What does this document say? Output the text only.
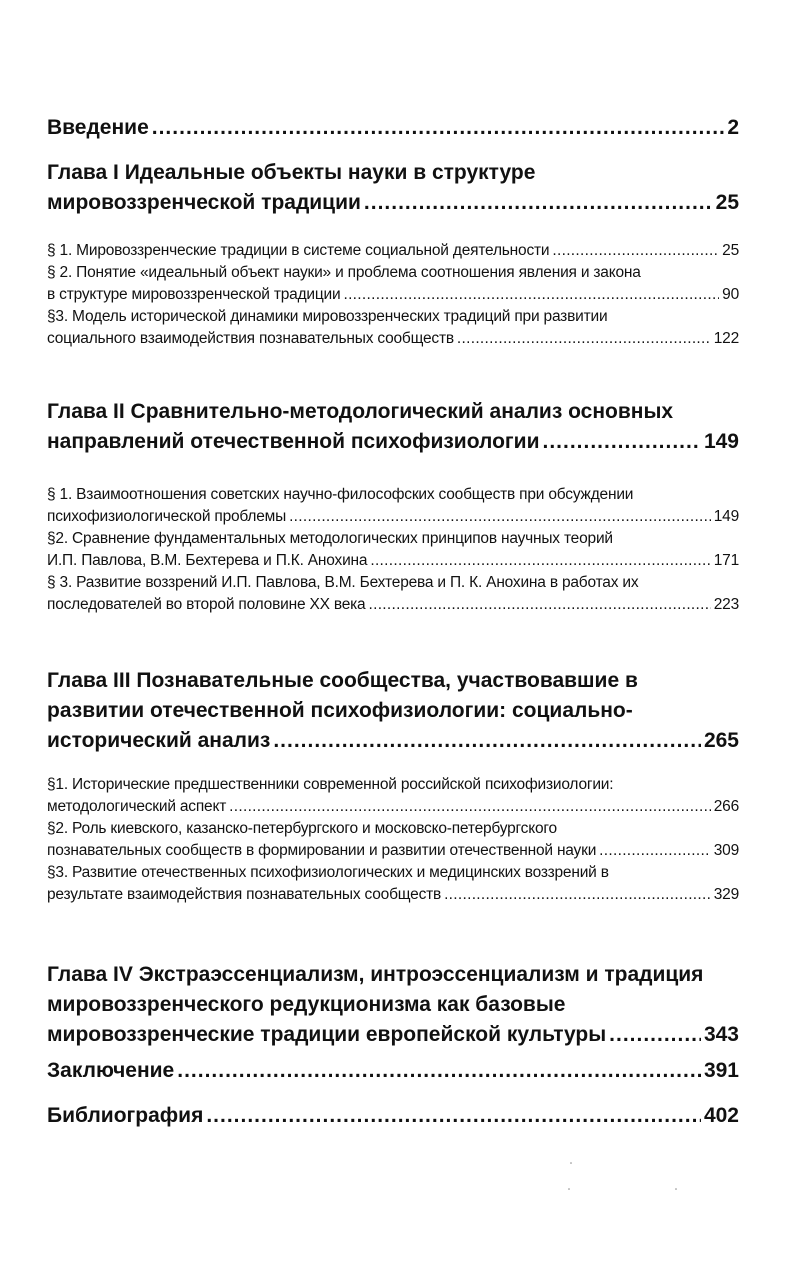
Введение .....	2
Глава I Идеальные объекты науки в структуре
мировоззренческой традиции .....	25
§ 1. Мировоззренческие традиции в системе социальной деятельности .....	25
§ 2. Понятие «идеальный объект науки» и проблема соотношения явления и закона
в структуре мировоззренческой традиции .....	90
§3. Модель исторической динамики мировоззренческих традиций при развитии
социального взаимодействия познавательных сообществ .....	122
Глава II Сравнительно-методологический анализ основных
направлений отечественной психофизиологии .....	149
§ 1. Взаимоотношения советских научно-философских сообществ при обсуждении
психофизиологической проблемы .....	149
§2. Сравнение фундаментальных методологических принципов научных теорий
И.П. Павлова, В.М. Бехтерева и П.К. Анохина .....	171
§ 3. Развитие воззрений И.П. Павлова, В.М. Бехтерева и П. К. Анохина в работах их
последователей во второй половине XX века .....	223
Глава III Познавательные сообщества, участвовавшие в
развитии отечественной психофизиологии: социально-
исторический анализ .....	265
§1. Исторические предшественники современной российской психофизиологии:
методологический аспект .....	266
§2. Роль киевского, казанско-петербургского и московско-петербургского
познавательных сообществ в формировании и развитии отечественной науки .....	309
§3. Развитие отечественных психофизиологических и медицинских воззрений в
результате взаимодействия познавательных сообществ .....	329
Глава IV Экстраэссенциализм, интроэссенциализм и традиция
мировоззренческого редукционизма как базовые
мировоззренческие традиции европейской культуры .....	343
Заключение .....	391
Библиография .....	402
